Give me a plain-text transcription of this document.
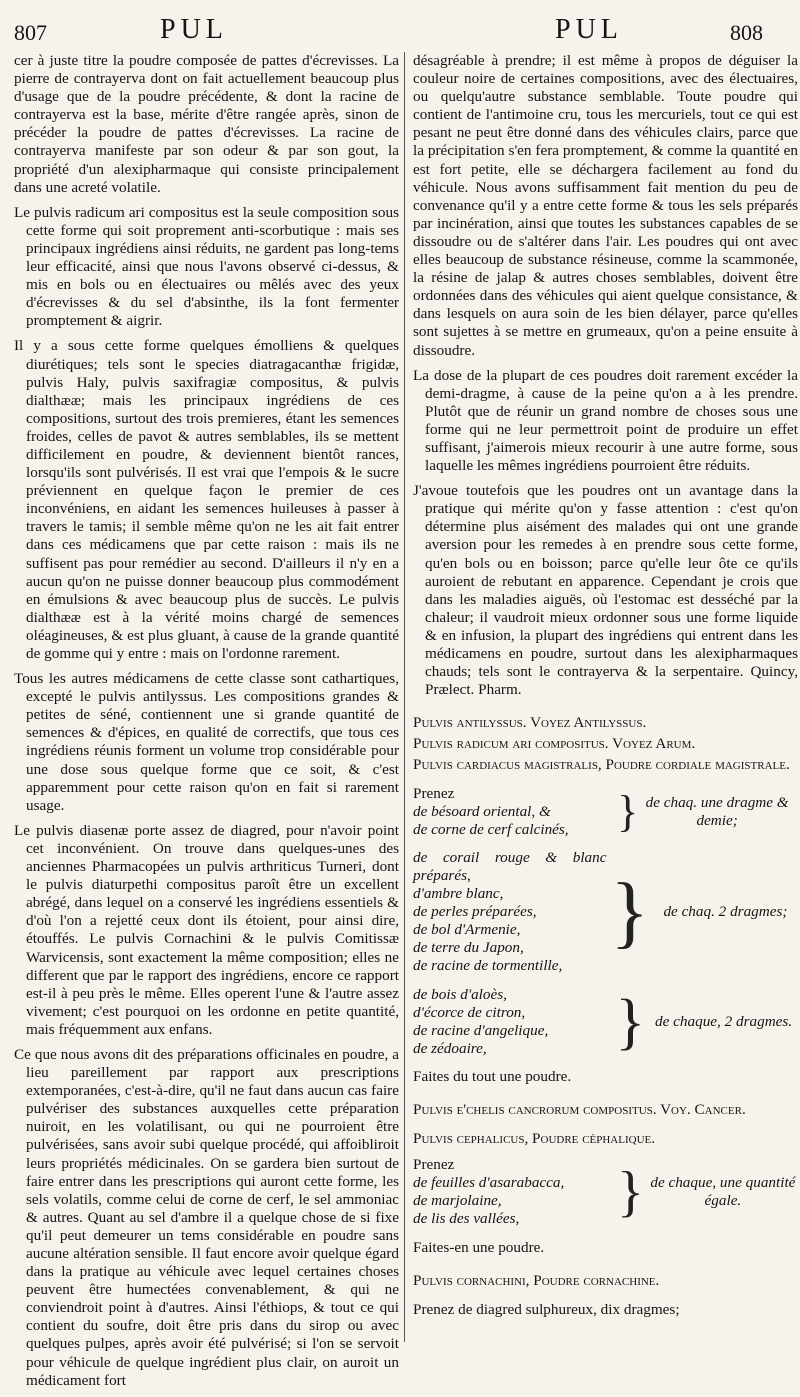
807	PUL	PUL	808

cer à juste titre la poudre composée de pattes d'écrevisses. La pierre de contrayerva dont on fait actuellement beaucoup plus d'usage que de la poudre précédente, & dont la racine de contrayerva est la base, mérite d'être rangée après, sinon de précéder la poudre de pattes d'écrevisses. La racine de contrayerva manifeste par son odeur & par son gout, la propriété d'un alexipharmaque qui consiste principalement dans une acreté volatile.

Le pulvis radicum ari compositus est la seule composition sous cette forme qui soit proprement anti-scorbutique : mais ses principaux ingrédiens ainsi réduits, ne gardent pas long-tems leur efficacité, ainsi que nous l'avons observé ci-dessus, & mis en bols ou en électuaires ou mêlés avec des yeux d'écrevisses & du sel d'absinthe, ils la font fermenter promptement & aigrir.

Il y a sous cette forme quelques émolliens & quelques diurétiques; tels sont le species diatragacanthæ frigidæ, pulvis Haly, pulvis saxifragiæ compositus, & pulvis dialthææ; mais les principaux ingrédiens de ces compositions, surtout des trois premieres, étant les semences froides, celles de pavot & autres semblables, ils se mettent difficilement en poudre, & deviennent bientôt rances, lorsqu'ils sont pulvérisés. Il est vrai que l'empois & le sucre préviennent en quelque façon le premier de ces inconvéniens, en aidant les semences huileuses à passer à travers le tamis; il semble même qu'on ne les ait fait entrer dans ces médicamens que par cette raison : mais ils ne suffisent pas pour remédier au second. D'ailleurs il n'y en a aucun qu'on ne puisse donner beaucoup plus commodément en émulsions & avec beaucoup plus de succès. Le pulvis dialthææ est à la vérité moins chargé de semences oléagineuses, & est plus gluant, à cause de la grande quantité de gomme qui y entre : mais on l'ordonne rarement.

Tous les autres médicamens de cette classe sont cathartiques, excepté le pulvis antilyssus. Les compositions grandes & petites de séné, contiennent une si grande quantité de semences & d'épices, en qualité de correctifs, que tous ces ingrédiens réunis forment un volume trop considérable pour une dose sous quelque forme que ce soit, & c'est apparemment pour cette raison qu'on en fait si rarement usage.

Le pulvis diasenæ porte assez de diagred, pour n'avoir point cet inconvénient. On trouve dans quelques-unes des anciennes Pharmacopées un pulvis arthriticus Turneri, dont le pulvis diaturpethi compositus paroît être un excellent abrégé, dans lequel on a conservé les ingrédiens essentiels & d'où l'on a rejetté ceux dont ils étoient, pour ainsi dire, étouffés. Le pulvis Cornachini & le pulvis Comitissæ Warvicensis, sont exactement la même composition; elles ne different que par le rapport des ingrédiens, encore ce rapport est-il à peu près le même. Elles operent l'une & l'autre assez vivement; c'est pourquoi on les ordonne en petite quantité, mais fréquemment aux enfans.

Ce que nous avons dit des préparations officinales en poudre, a lieu pareillement par rapport aux prescriptions extemporanées, c'est-à-dire, qu'il ne faut dans aucun cas faire pulvériser des substances auxquelles cette préparation nuiroit, en les volatilisant, ou qui ne pourroient être pulvérisées, sans avoir subi quelque procédé, qui affoibliroit leurs propriétés médicinales. On se gardera bien surtout de faire entrer dans les prescriptions qui auront cette forme, les sels volatils, comme celui de corne de cerf, le sel ammoniac & autres. Quant au sel d'ambre il a quelque chose de si fixe qu'il peut demeurer un tems considérable en poudre sans aucune altération sensible. Il faut encore avoir quelque égard dans la pratique au véhicule avec lequel certaines choses peuvent être humectées convenablement, & qui ne conviendroit point à d'autres. Ainsi l'éthiops, & tout ce qui contient du soufre, doit être pris dans du sirop ou avec quelques pulpes, après avoir été pulvérisé; si l'on se servoit pour véhicule de quelque ingrédient plus clair, on auroit un médicament fort

désagréable à prendre; il est même à propos de déguiser la couleur noire de certaines compositions, avec des électuaires, ou quelqu'autre substance semblable. Toute poudre qui contient de l'antimoine cru, tous les mercuriels, tout ce qui est pesant ne peut être donné dans des véhicules clairs, parce que la précipitation s'en fera promptement, & comme la quantité en est fort petite, elle se déchargera facilement au fond du véhicule. Nous avons suffisamment fait mention du peu de convenance qu'il y a entre cette forme & tous les sels préparés par incinération, ainsi que toutes les substances capables de se dissoudre ou de s'altérer dans l'air. Les poudres qui ont avec elles beaucoup de substance résineuse, comme la scammonée, la résine de jalap & autres choses semblables, doivent être ordonnées dans des véhicules qui aient quelque consistance, & dans lesquels on aura soin de les bien délayer, parce qu'elles sont sujettes à se mettre en grumeaux, qu'on a peine ensuite à dissoudre.

La dose de la plupart de ces poudres doit rarement excéder la demi-dragme, à cause de la peine qu'on a à les prendre. Plutôt que de réunir un grand nombre de choses sous une forme qui ne leur permettroit point de produire un effet suffisant, j'aimerois mieux recourir à une autre forme, sous laquelle les mêmes ingrédiens pourroient être réduits.

J'avoue toutefois que les poudres ont un avantage dans la pratique qui mérite qu'on y fasse attention : c'est qu'on détermine plus aisément des malades qui ont une grande aversion pour les remedes à en prendre sous cette forme, qu'en bols ou en boisson; parce qu'elle leur ôte ce qu'ils auroient de rebutant en apparence. Cependant je crois que dans les maladies aiguës, où l'estomac est desséché par la chaleur; il vaudroit mieux ordonner sous une forme liquide & en infusion, la plupart des ingrédiens qui entrent dans les médicamens en poudre, surtout dans les alexipharmaques chauds; tels sont le contrayerva & la serpentaire. Quincy, Prælect. Pharm.

Pulvis antilyssus. Voyez Antilyssus.
Pulvis radicum ari compositus. Voyez Arum.
Pulvis cardiacus magistralis, Poudre cordiale magistrale.
Prenez
de bésoard oriental, &
de corne de cerf calcinés,	} de chaq. une dragme & demie;
de corail rouge & blanc préparés,
d'ambre blanc,
de perles préparées,
de bol d'Armenie,
de terre du Japon,
de racine de tormentille,
} de chaq. 2 dragmes;
de bois d'aloès,
d'écorce de citron,
de racine d'angelique,
de zédoaire,	} de chaque, 2 dragmes.

Faites du tout une poudre.

Pulvis e'chelis cancrorum compositus. Voy. Cancer.
Pulvis cephalicus, Poudre céphalique.
Prenez
de feuilles d'asarabacca,
de marjolaine,
de lis des vallées,	} de chaque, une quantité égale.

Faites-en une poudre.

Pulvis cornachini, Poudre cornachine.

Prenez de diagred sulphureux, dix dragmes;
